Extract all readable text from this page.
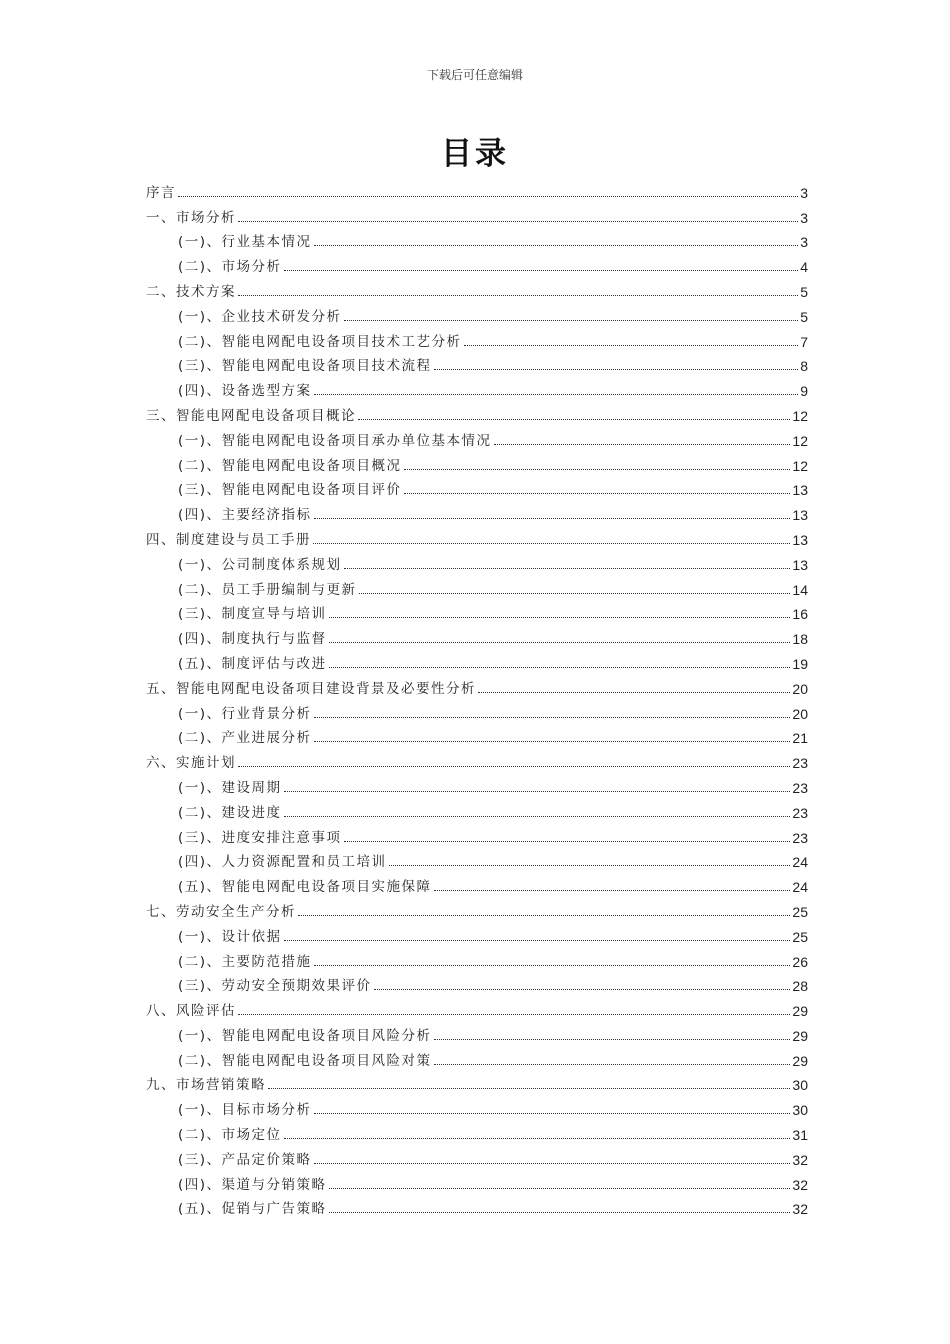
下载后可任意编辑
目录
序言	3
一、市场分析	3
(一)、行业基本情况	3
(二)、市场分析	4
二、技术方案	5
(一)、企业技术研发分析	5
(二)、智能电网配电设备项目技术工艺分析	7
(三)、智能电网配电设备项目技术流程	8
(四)、设备选型方案	9
三、智能电网配电设备项目概论	12
(一)、智能电网配电设备项目承办单位基本情况	12
(二)、智能电网配电设备项目概况	12
(三)、智能电网配电设备项目评价	13
(四)、主要经济指标	13
四、制度建设与员工手册	13
(一)、公司制度体系规划	13
(二)、员工手册编制与更新	14
(三)、制度宣导与培训	16
(四)、制度执行与监督	18
(五)、制度评估与改进	19
五、智能电网配电设备项目建设背景及必要性分析	20
(一)、行业背景分析	20
(二)、产业进展分析	21
六、实施计划	23
(一)、建设周期	23
(二)、建设进度	23
(三)、进度安排注意事项	23
(四)、人力资源配置和员工培训	24
(五)、智能电网配电设备项目实施保障	24
七、劳动安全生产分析	25
(一)、设计依据	25
(二)、主要防范措施	26
(三)、劳动安全预期效果评价	28
八、风险评估	29
(一)、智能电网配电设备项目风险分析	29
(二)、智能电网配电设备项目风险对策	29
九、市场营销策略	30
(一)、目标市场分析	30
(二)、市场定位	31
(三)、产品定价策略	32
(四)、渠道与分销策略	32
(五)、促销与广告策略	32
